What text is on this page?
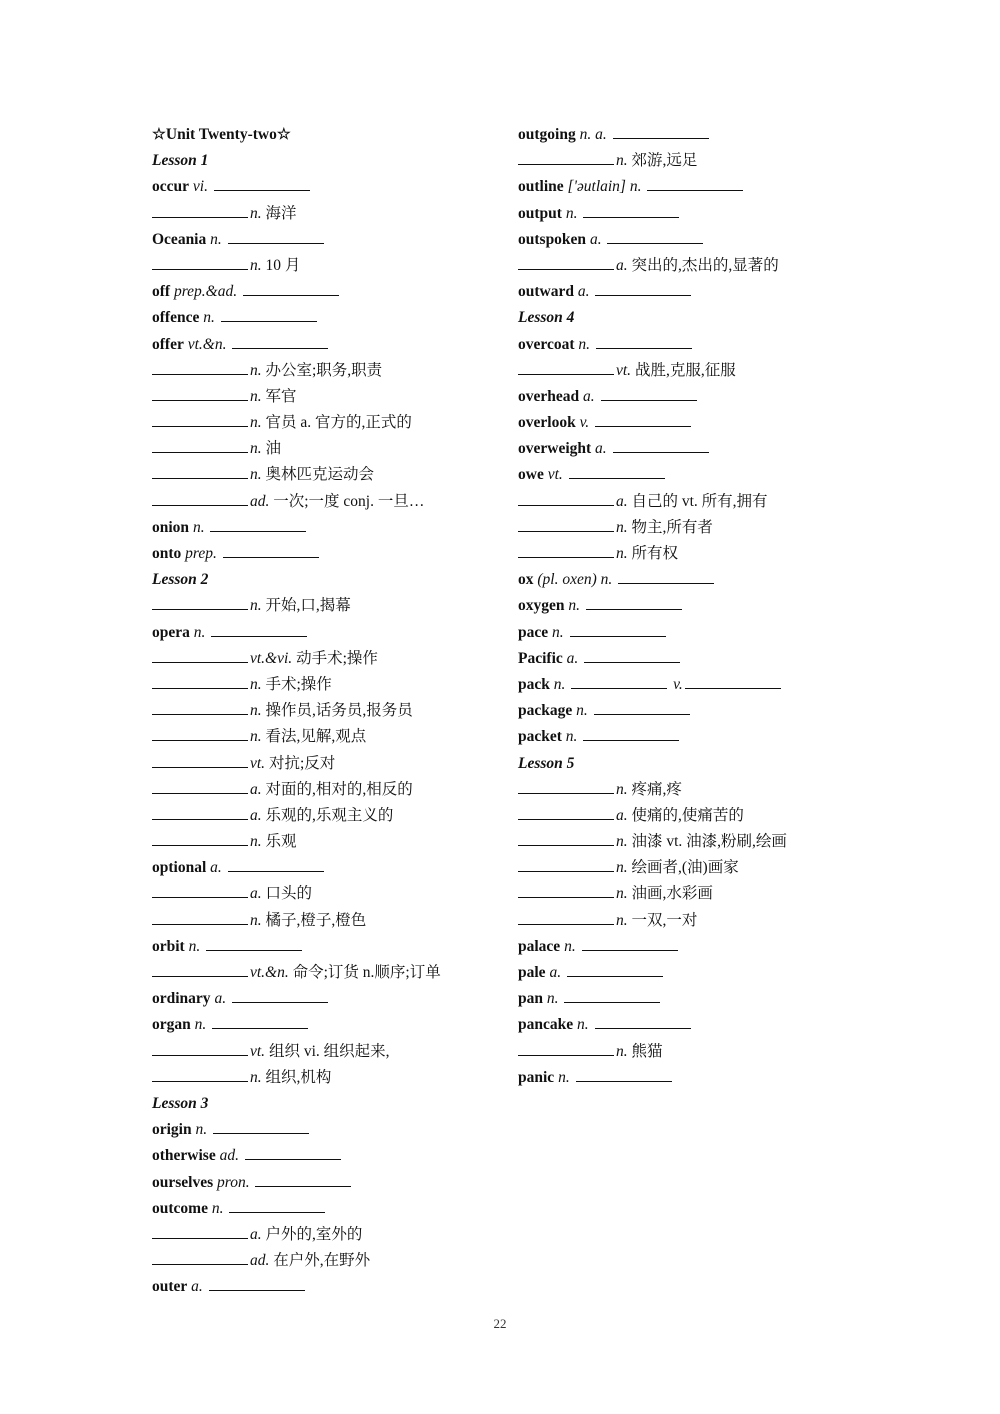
☆Unit Twenty-two☆
Lesson 1
occur vi.
n. 海洋
Oceania n.
n. 10 月
off prep.&ad.
offence n.
offer vt.&n.
n. 办公室;职务,职责
n. 军官
n. 官员 a. 官方的,正式的
n. 油
n. 奥林匹克运动会
ad. 一次;一度 conj. 一旦…
onion n.
onto prep.
Lesson 2
n. 开始,口,揭幕
opera n.
vt.&vi. 动手术;操作
n. 手术;操作
n. 操作员,话务员,报务员
n. 看法,见解,观点
vt. 对抗;反对
a. 对面的,相对的,相反的
a. 乐观的,乐观主义的
n. 乐观
optional a.
a. 口头的
n. 橘子,橙子,橙色
orbit n.
vt.&n. 命令;订货 n.顺序;订单
ordinary a.
organ n.
vt. 组织 vi. 组织起来,
n. 组织,机构
Lesson 3
origin n.
otherwise ad.
ourselves pron.
outcome n.
a. 户外的,室外的
ad. 在户外,在野外
outer a.
outgoing n. a.
n. 郊游,远足
outline ['əutlain] n.
output n.
outspoken a.
a. 突出的,杰出的,显著的
outward a.
Lesson 4
overcoat n.
vt. 战胜,克服,征服
overhead a.
overlook v.
overweight a.
owe vt.
a. 自己的 vt. 所有,拥有
n. 物主,所有者
n. 所有权
ox (pl. oxen) n.
oxygen n.
pace n.
Pacific a.
pack n.	v.
package n.
packet n.
Lesson 5
n. 疼痛,疼
a. 使痛的,使痛苦的
n. 油漆 vt. 油漆,粉刷,绘画
n. 绘画者,(油)画家
n. 油画,水彩画
n. 一双,一对
palace n.
pale a.
pan n.
pancake n.
n. 熊猫
panic n.
22
